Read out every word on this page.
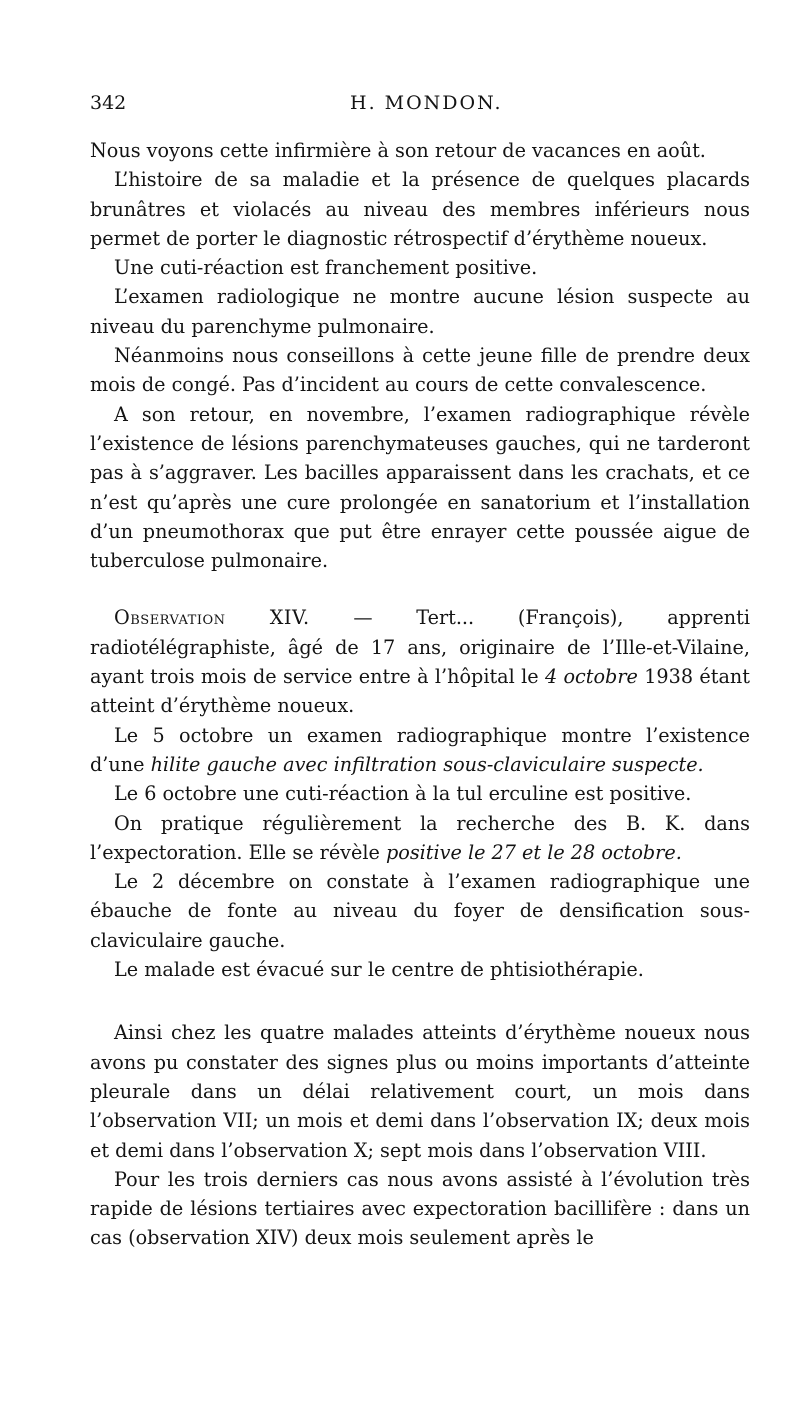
342	H. MONDON.

Nous voyons cette infirmière à son retour de vacances en août.

L’histoire de sa maladie et la présence de quelques placards brunâtres et violacés au niveau des membres inférieurs nous permet de porter le diagnostic rétrospectif d’érythème noueux.

Une cuti-réaction est franchement positive.

L’examen radiologique ne montre aucune lésion suspecte au niveau du parenchyme pulmonaire.

Néanmoins nous conseillons à cette jeune fille de prendre deux mois de congé. Pas d’incident au cours de cette convalescence.

A son retour, en novembre, l’examen radiographique révèle l’existence de lésions parenchymateuses gauches, qui ne tarderont pas à s’aggraver. Les bacilles apparaissent dans les crachats, et ce n’est qu’après une cure prolongée en sanatorium et l’installation d’un pneumothorax que put être enrayer cette poussée aigue de tuberculose pulmonaire.

Observation XIV. — Tert... (François), apprenti radiotélégraphiste, âgé de 17 ans, originaire de l’Ille-et-Vilaine, ayant trois mois de service entre à l’hôpital le 4 octobre 1938 étant atteint d’érythème noueux.

Le 5 octobre un examen radiographique montre l’existence d’une hilite gauche avec infiltration sous-claviculaire suspecte.

Le 6 octobre une cuti-réaction à la tul erculine est positive.

On pratique régulièrement la recherche des B. K. dans l’expectoration. Elle se révèle positive le 27 et le 28 octobre.

Le 2 décembre on constate à l’examen radiographique une ébauche de fonte au niveau du foyer de densification sous-claviculaire gauche.

Le malade est évacué sur le centre de phtisiothérapie.

Ainsi chez les quatre malades atteints d’érythème noueux nous avons pu constater des signes plus ou moins importants d’atteinte pleurale dans un délai relativement court, un mois dans l’observation VII; un mois et demi dans l’observation IX; deux mois et demi dans l’observation X; sept mois dans l’observation VIII.

Pour les trois derniers cas nous avons assisté à l’évolution très rapide de lésions tertiaires avec expectoration bacillifère : dans un cas (observation XIV) deux mois seulement après le
